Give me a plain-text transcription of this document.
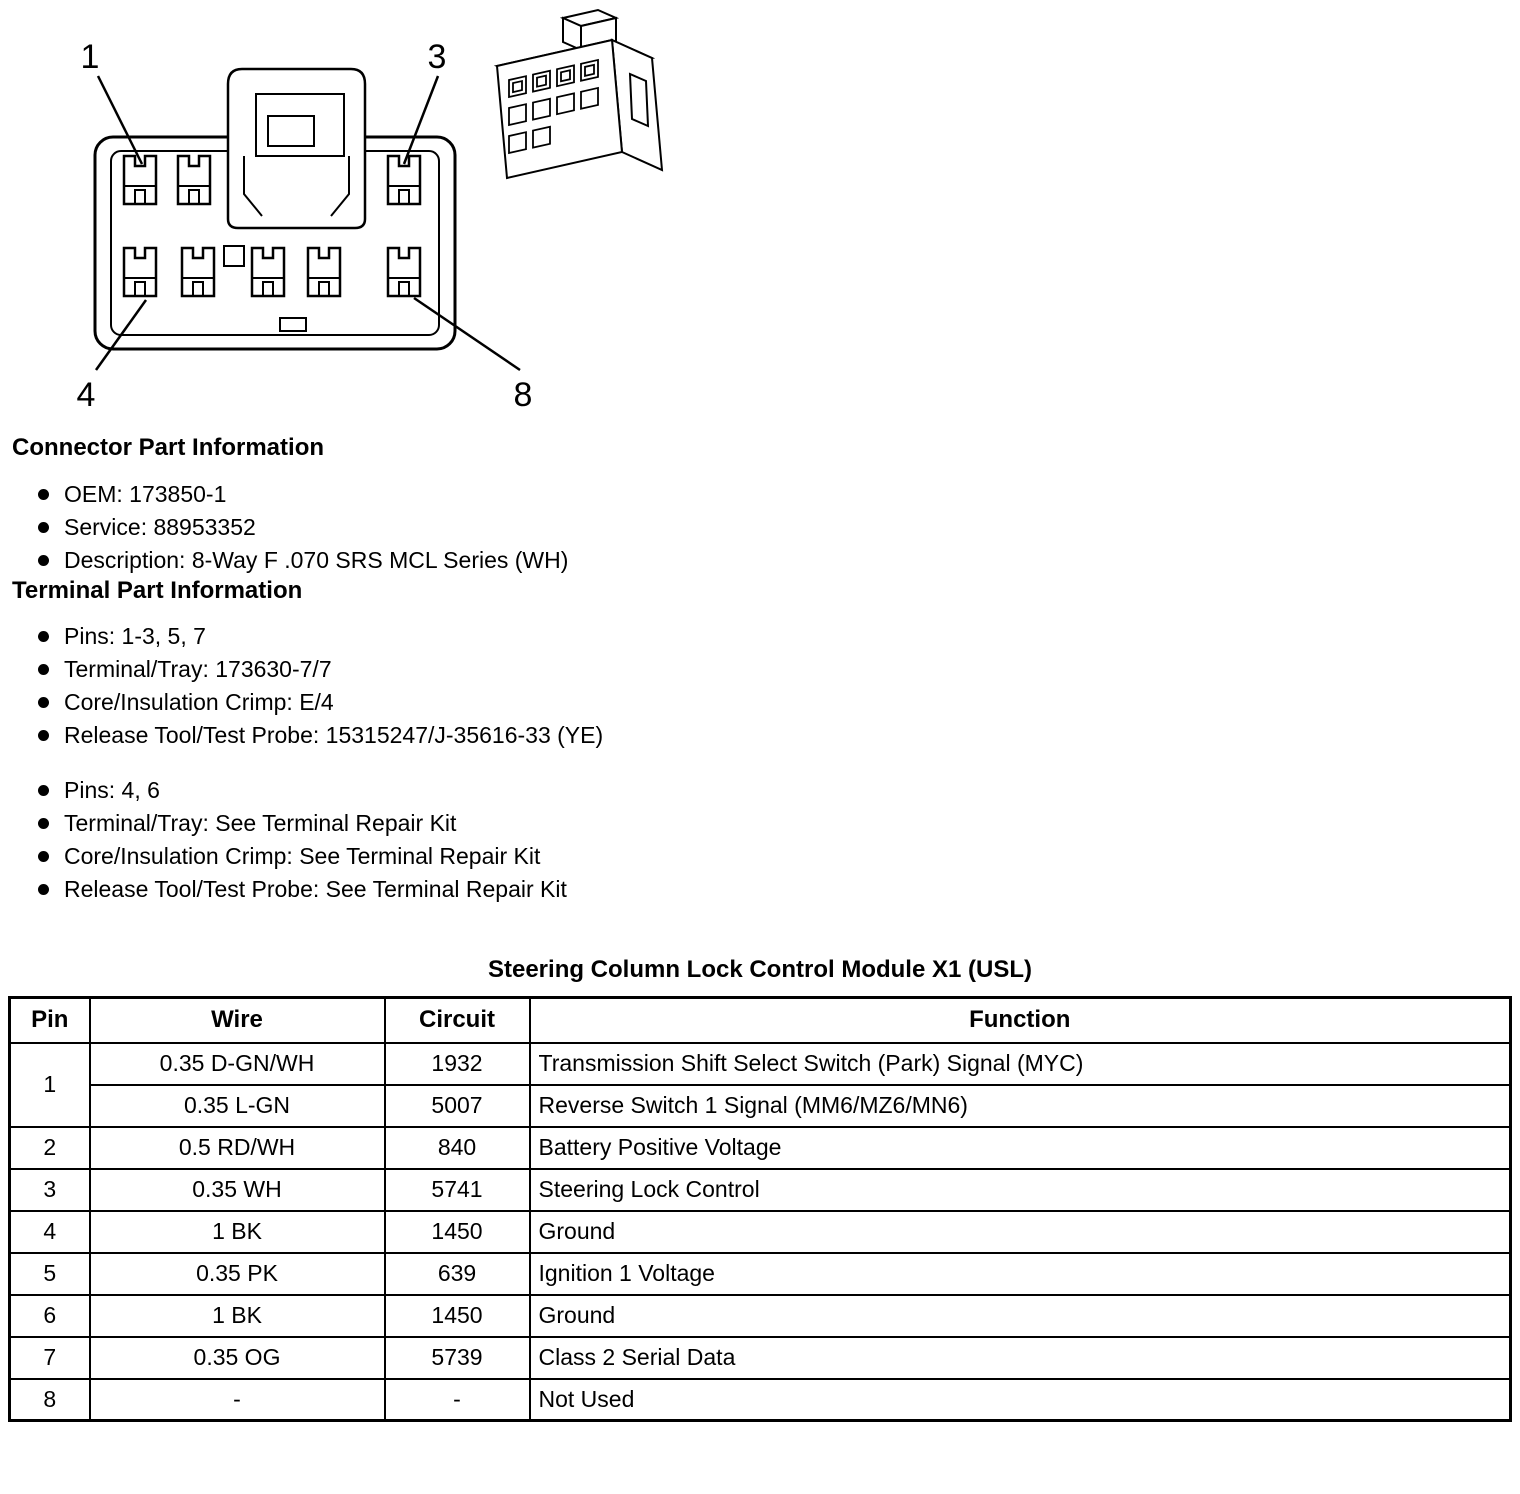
1	3
4	8
Connector Part Information
OEM: 173850-1
Service: 88953352
Description: 8-Way F .070 SRS MCL Series (WH)
Terminal Part Information
Pins: 1-3, 5, 7
Terminal/Tray: 173630-7/7
Core/Insulation Crimp: E/4
Release Tool/Test Probe: 15315247/J-35616-33 (YE)
Pins: 4, 6
Terminal/Tray: See Terminal Repair Kit
Core/Insulation Crimp: See Terminal Repair Kit
Release Tool/Test Probe: See Terminal Repair Kit
Steering Column Lock Control Module X1 (USL)
Pin	Wire	Circuit	Function
1	0.35 D-GN/WH	1932	Transmission Shift Select Switch (Park) Signal (MYC)
	0.35 L-GN	5007	Reverse Switch 1 Signal (MM6/MZ6/MN6)
2	0.5 RD/WH	840	Battery Positive Voltage
3	0.35 WH	5741	Steering Lock Control
4	1 BK	1450	Ground
5	0.35 PK	639	Ignition 1 Voltage
6	1 BK	1450	Ground
7	0.35 OG	5739	Class 2 Serial Data
8	-	-	Not Used
